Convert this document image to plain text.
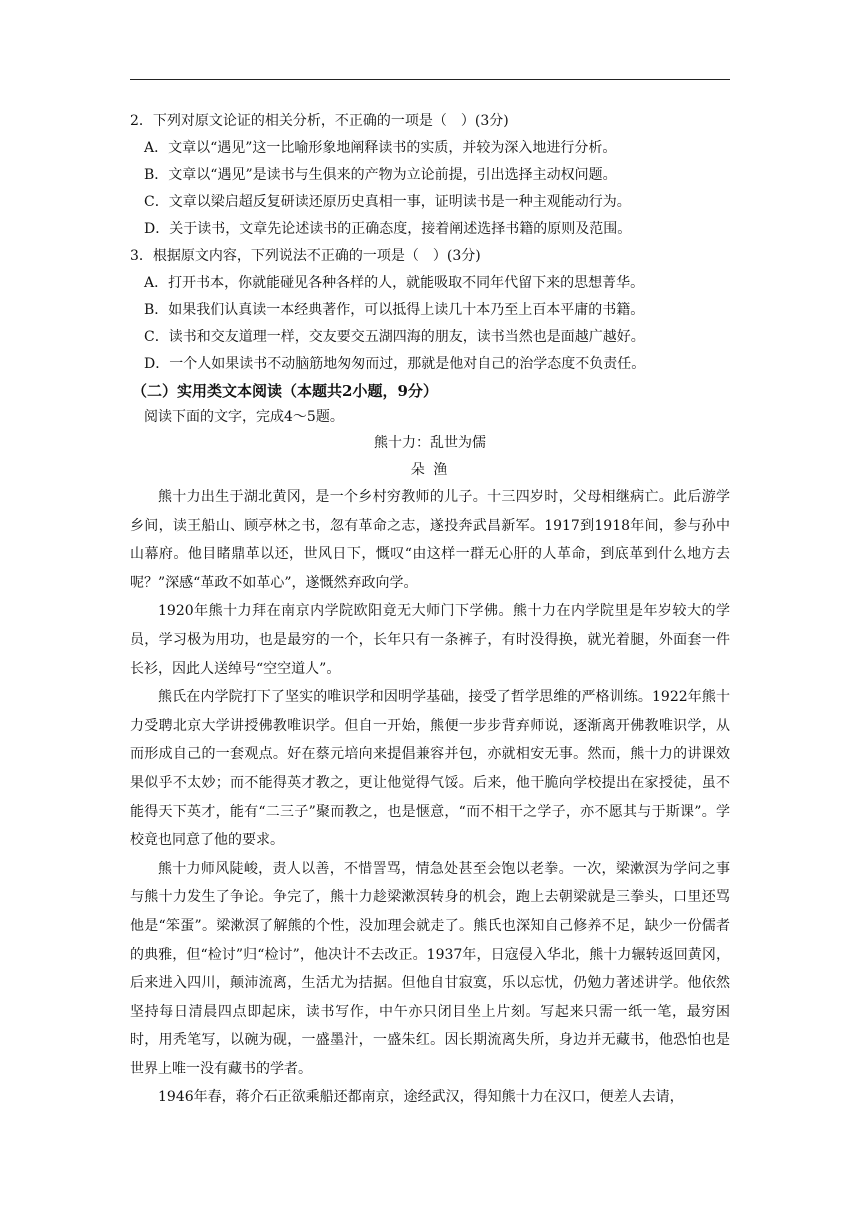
2．下列对原文论证的相关分析，不正确的一项是（　）(3分)
A．文章以“遇见”这一比喻形象地阐释读书的实质，并较为深入地进行分析。
B．文章以“遇见”是读书与生俱来的产物为立论前提，引出选择主动权问题。
C．文章以梁启超反复研读还原历史真相一事，证明读书是一种主观能动行为。
D．关于读书，文章先论述读书的正确态度，接着阐述选择书籍的原则及范围。
3．根据原文内容，下列说法不正确的一项是（　）(3分)
A．打开书本，你就能碰见各种各样的人，就能吸取不同年代留下来的思想菁华。
B．如果我们认真读一本经典著作，可以抵得上读几十本乃至上百本平庸的书籍。
C．读书和交友道理一样，交友要交五湖四海的朋友，读书当然也是面越广越好。
D．一个人如果读书不动脑筋地匆匆而过，那就是他对自己的治学态度不负责任。
（二）实用类文本阅读（本题共2小题，9分）
阅读下面的文字，完成4～5题。
熊十力：乱世为儒
朵 渔

熊十力出生于湖北黄冈，是一个乡村穷教师的儿子。十三四岁时，父母相继病亡。此后游学乡间，读王船山、顾亭林之书，忽有革命之志，遂投奔武昌新军。1917到1918年间，参与孙中山幕府。他目睹鼎革以还，世风日下，慨叹“由这样一群无心肝的人革命，到底革到什么地方去呢？”深感“革政不如革心”，遂慨然弃政向学。

1920年熊十力拜在南京内学院欧阳竟无大师门下学佛。熊十力在内学院里是年岁较大的学员，学习极为用功，也是最穷的一个，长年只有一条裤子，有时没得换，就光着腿，外面套一件长衫，因此人送绰号“空空道人”。

熊氏在内学院打下了坚实的唯识学和因明学基础，接受了哲学思维的严格训练。1922年熊十力受聘北京大学讲授佛教唯识学。但自一开始，熊便一步步背弃师说，逐渐离开佛教唯识学，从而形成自己的一套观点。好在蔡元培向来提倡兼容并包，亦就相安无事。然而，熊十力的讲课效果似乎不太妙；而不能得英才教之，更让他觉得气馁。后来，他干脆向学校提出在家授徒，虽不能得天下英才，能有“二三子”聚而教之，也是惬意，“而不相干之学子，亦不愿其与于斯课”。学校竟也同意了他的要求。

熊十力师风陡峻，责人以善，不惜詈骂，情急处甚至会饱以老拳。一次，梁漱溟为学问之事与熊十力发生了争论。争完了，熊十力趁梁漱溟转身的机会，跑上去朝梁就是三拳头，口里还骂他是“笨蛋”。梁漱溟了解熊的个性，没加理会就走了。熊氏也深知自己修养不足，缺少一份儒者的典雅，但“检讨”归“检讨”，他决计不去改正。1937年，日寇侵入华北，熊十力辗转返回黄冈，后来进入四川，颠沛流离，生活尤为拮据。但他自甘寂寞，乐以忘忧，仍勉力著述讲学。他依然坚持每日清晨四点即起床，读书写作，中午亦只闭目坐上片刻。写起来只需一纸一笔，最穷困时，用秃笔写，以碗为砚，一盛墨汁，一盛朱红。因长期流离失所，身边并无藏书，他恐怕也是世界上唯一没有藏书的学者。

1946年春，蒋介石正欲乘船还都南京，途经武汉，得知熊十力在汉口，便差人去请，
